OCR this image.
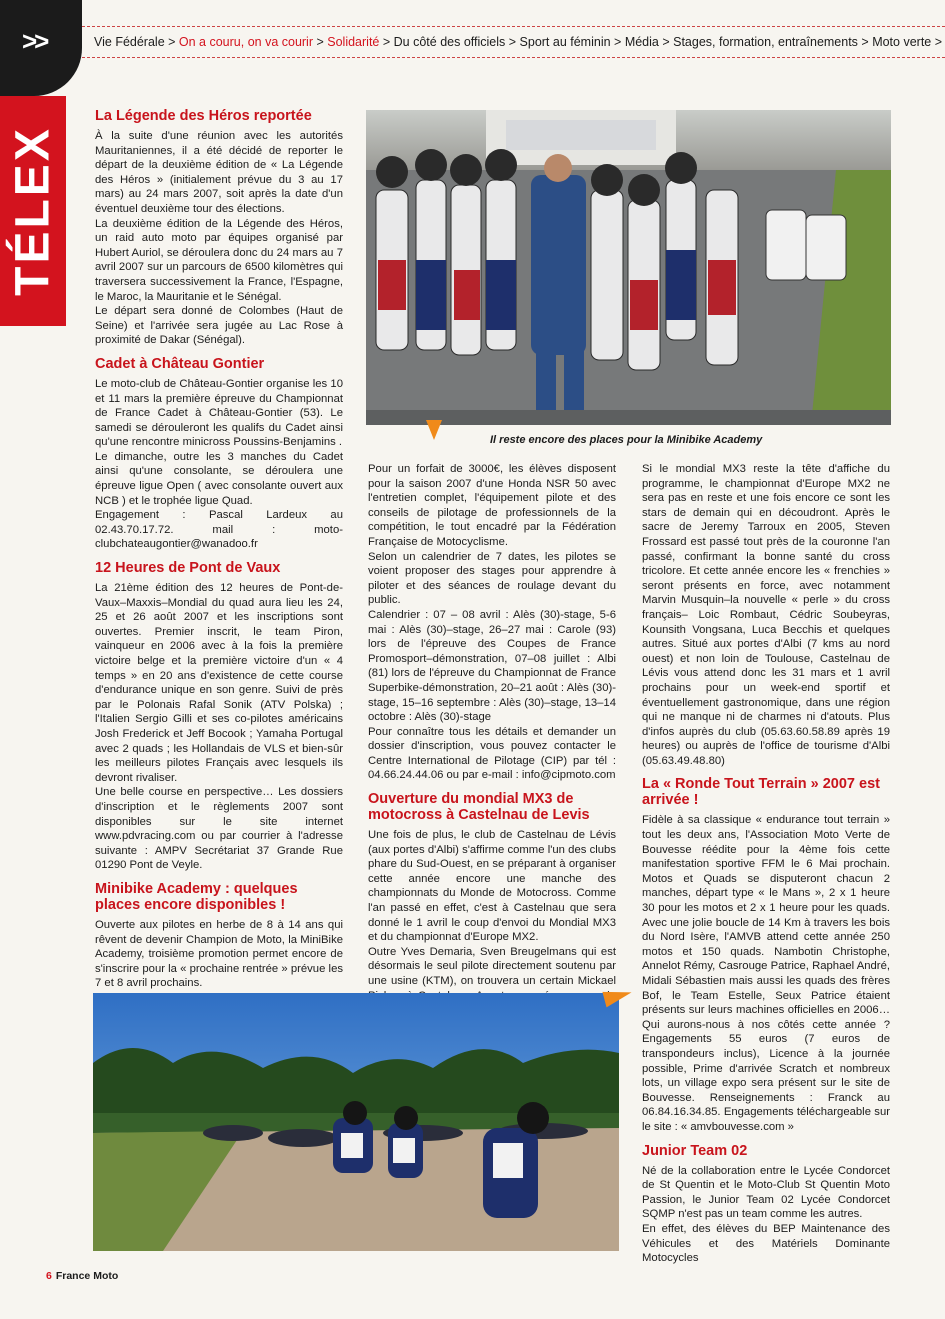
>>
TÉLEX
Vie Fédérale > On a couru, on va courir > Solidarité > Du côté des officiels > Sport au féminin > Média > Stages, formation, entraînements > Moto verte >
La Légende des Héros reportée

À la suite d'une réunion avec les autorités Mauritaniennes, il a été décidé de reporter le départ de la deuxième édition de « La Légende des Héros » (initialement prévue du 3 au 17 mars) au 24 mars 2007, soit après la date d'un éventuel deuxième tour des élections.

La deuxième édition de la Légende des Héros, un raid auto moto par équipes organisé par Hubert Auriol, se déroulera donc du 24 mars au 7 avril 2007 sur un parcours de 6500 kilomètres qui traversera successivement la France, l'Espagne, le Maroc, la Mauritanie et le Sénégal.

Le départ sera donné de Colombes (Haut de Seine) et l'arrivée sera jugée au Lac Rose à proximité de Dakar (Sénégal).

Cadet à Château Gontier

Le moto-club de Château-Gontier organise les 10 et 11 mars la première épreuve du Championnat de France Cadet à Château-Gontier (53). Le samedi se dérouleront les qualifs du Cadet ainsi qu'une rencontre minicross Poussins-Benjamins .

Le dimanche, outre les 3 manches du Cadet ainsi qu'une consolante, se déroulera une épreuve ligue Open ( avec consolante ouvert aux NCB ) et le trophée ligue Quad.

Engagement : Pascal Lardeux au 02.43.70.17.72. mail : moto-clubchateaugontier@wanadoo.fr

12 Heures de Pont de Vaux

La 21ème édition des 12 heures de Pont-de-Vaux–Maxxis–Mondial du quad aura lieu les 24, 25 et 26 août 2007 et les inscriptions sont ouvertes. Premier inscrit, le team Piron, vainqueur en 2006 avec à la fois la première victoire belge et la première victoire d'un « 4 temps » en 20 ans d'existence de cette course d'endurance unique en son genre. Suivi de près par le Polonais Rafal Sonik (ATV Polska) ; l'Italien Sergio Gilli et ses co-pilotes américains Josh Frederick et Jeff Bocook ; Yamaha Portugal avec 2 quads ; les Hollandais de VLS et bien-sûr les meilleurs pilotes Français avec lesquels ils devront rivaliser.

Une belle course en perspective… Les dossiers d'inscription et le règlements 2007 sont disponibles sur le site internet www.pdvracing.com ou par courrier à l'adresse suivante : AMPV Secrétariat 37 Grande Rue 01290 Pont de Veyle.

Minibike Academy : quelques places encore disponibles !

Ouverte aux pilotes en herbe de 8 à 14 ans qui rêvent de devenir Champion de Moto, la MiniBike Academy, troisième promotion permet encore de s'inscrire pour la « prochaine rentrée » prévue les 7 et 8 avril prochains.

Il reste encore des places pour la Minibike Academy

Pour un forfait de 3000€, les élèves disposent pour la saison 2007 d'une Honda NSR 50 avec l'entretien complet, l'équipement pilote et des conseils de pilotage de professionnels de la compétition, le tout encadré par la Fédération Française de Motocyclisme.

Selon un calendrier de 7 dates, les pilotes se voient proposer des stages pour apprendre à piloter et des séances de roulage devant du public.

Calendrier : 07 – 08 avril : Alès (30)-stage, 5-6 mai : Alès (30)–stage, 26–27 mai : Carole (93) lors de l'épreuve des Coupes de France Promosport–démonstration, 07–08 juillet : Albi (81) lors de l'épreuve du Championnat de France Superbike-démonstration, 20–21 août : Alès (30)-stage, 15–16 septembre : Alès (30)–stage, 13–14 octobre : Alès (30)-stage

Pour connaître tous les détails et demander un dossier d'inscription, vous pouvez contacter le Centre International de Pilotage (CIP) par tél : 04.66.24.44.06 ou par e-mail : info@cipmoto.com

Ouverture du mondial MX3 de motocross à Castelnau de Levis

Une fois de plus, le club de Castelnau de Lévis (aux portes d'Albi) s'affirme comme l'un des clubs phare du Sud-Ouest, en se préparant à organiser cette année encore une manche des championnats du Monde de Motocross. Comme l'an passé en effet, c'est à Castelnau que sera donné le 1 avril le coup d'envoi du Mondial MX3 et du championnat d'Europe MX2.

Outre Yves Demaria, Sven Breugelmans qui est désormais le seul pilote directement soutenu par une usine (KTM), on trouvera un certain Mickael

Si le mondial MX3 reste la tête d'affiche du programme, le championnat d'Europe MX2 ne sera pas en reste et une fois encore ce sont les stars de demain qui en découdront. Après le sacre de Jeremy Tarroux en 2005, Steven Frossard est passé tout près de la couronne l'an passé, confirmant la bonne santé du cross tricolore. Et cette année encore les « frenchies » seront présents en force, avec notamment Marvin Musquin–la nouvelle « perle » du cross français– Loic Rombaut, Cédric Soubeyras, Kounsith Vongsana, Luca Becchis et quelques autres. Situé aux portes d'Albi (7 kms au nord ouest) et non loin de Toulouse, Castelnau de Lévis vous attend donc les 31 mars et 1 avril prochains pour un week-end sportif et éventuellement gastronomique, dans une région qui ne manque ni de charmes ni d'atouts. Plus d'infos auprès du club (05.63.60.58.89 après 19 heures) ou auprès de l'office de tourisme d'Albi (05.63.49.48.80)

La « Ronde Tout Terrain » 2007 est arrivée !

Fidèle à sa classique « endurance tout terrain » tout les deux ans, l'Association Moto Verte de Bouvesse réédite pour la 4ème fois cette manifestation sportive FFM le 6 Mai prochain. Motos et Quads se disputeront chacun 2 manches, départ type « le Mans », 2 x 1 heure 30 pour les motos et 2 x 1 heure pour les quads. Avec une jolie boucle de 14 Km à travers les bois du Nord Isère, l'AMVB attend cette année 250 motos et 150 quads. Nambotin Christophe, Annelot Rémy, Casrouge Patrice, Raphael André, Midali Sébastien mais aussi les quads des frères Bof, le Team Estelle, Seux Patrice étaient présents sur leurs machines officielles en 2006… Qui aurons-nous à nos côtés cette année ? Engagements 55 euros (7 euros de transpondeurs inclus), Licence à la journée possible, Prime d'arrivée Scratch et nombreux lots, un village expo sera présent sur le site de Bouvesse. Renseignements : Franck au 06.84.16.34.85. Engagements téléchargeable sur le site : « amvbouvesse.com »

Junior Team 02

Né de la collaboration entre le Lycée Condorcet de St Quentin et le Moto-Club St Quentin Moto Passion, le Junior Team 02 Lycée Condorcet SQMP n'est pas un team comme les autres.

En effet, des élèves du BEP Maintenance des Véhicules et des Matériels Dominante Motocycles

6 France Moto
